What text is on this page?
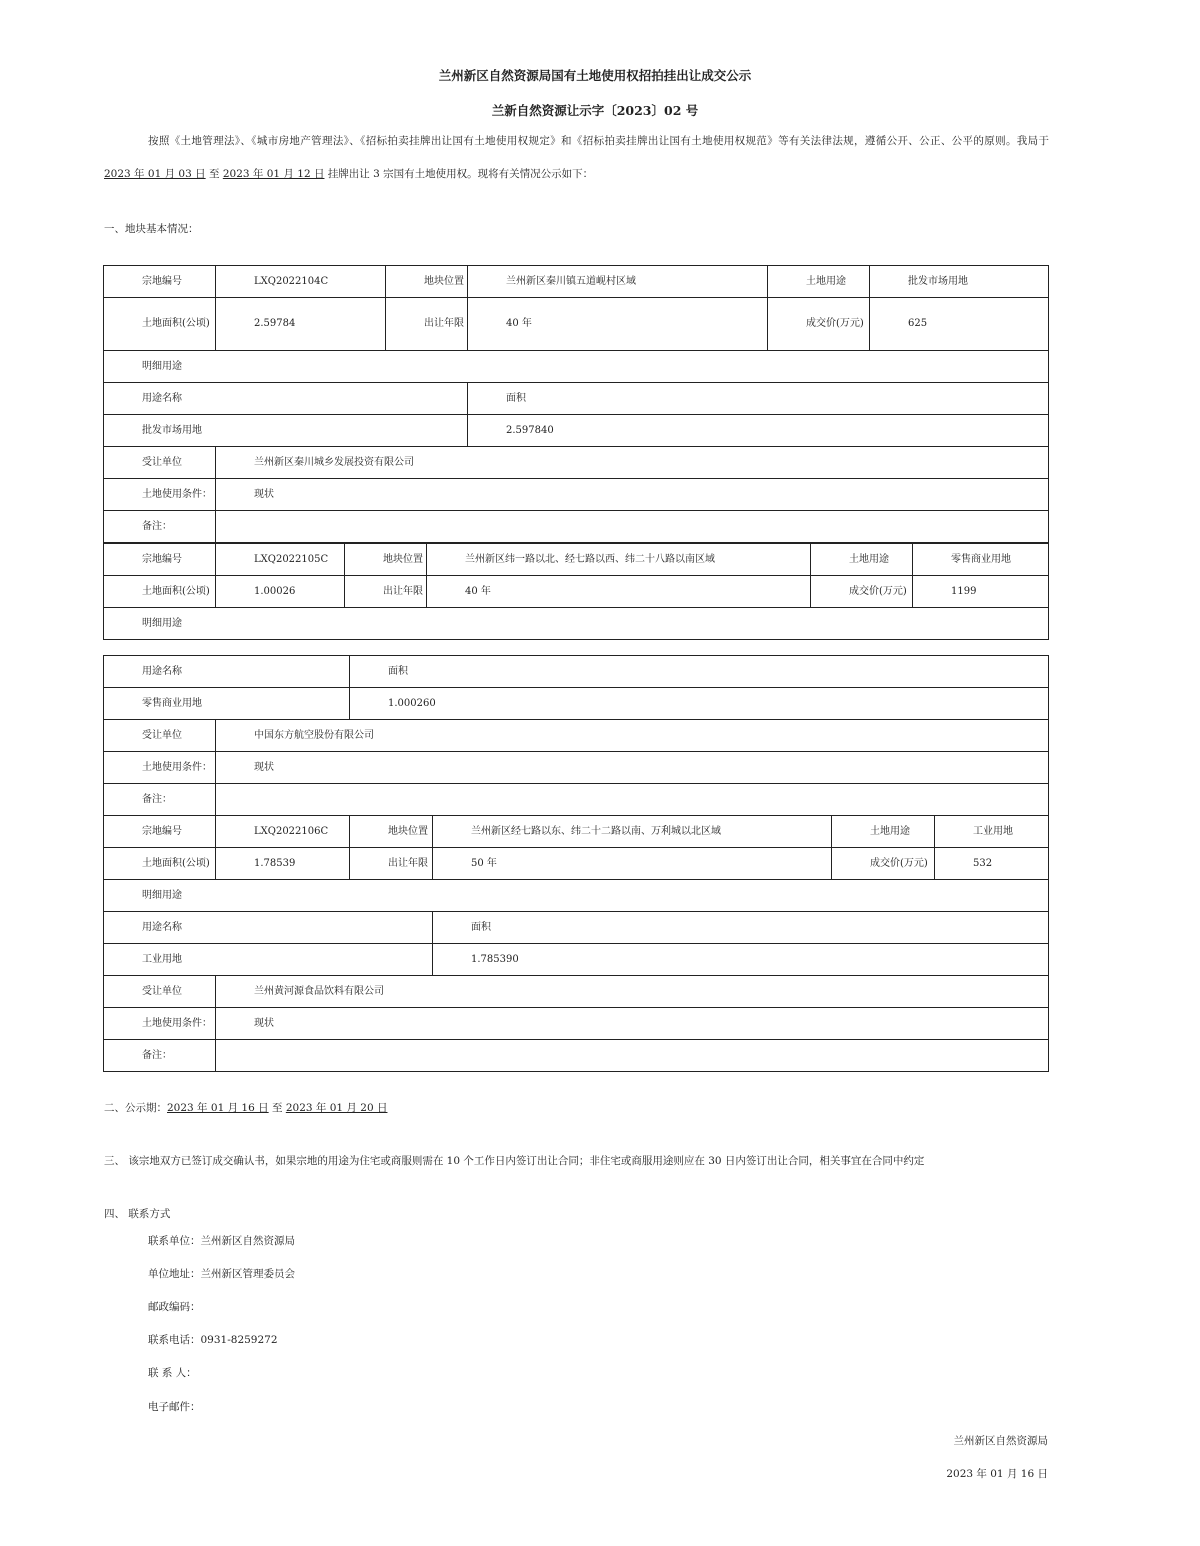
兰州新区自然资源局国有土地使用权招拍挂出让成交公示
兰新自然资源让示字〔2023〕02 号
按照《土地管理法》、《城市房地产管理法》、《招标拍卖挂牌出让国有土地使用权规定》和《招标拍卖挂牌出让国有土地使用权规范》等有关法律法规，遵循公开、公正、公平的原则。我局于 2023 年 01 月 03 日 至 2023 年 01 月 12 日 挂牌出让 3 宗国有土地使用权。现将有关情况公示如下：
一、地块基本情况：
宗地编号	LXQ2022104C	地块位置	兰州新区秦川镇五道岘村区域	土地用途	批发市场用地
土地面积(公顷)	2.59784	出让年限	40 年	成交价(万元)	625
明细用途					
用途名称			面积		
批发市场用地			2.597840		
受让单位	兰州新区秦川城乡发展投资有限公司				
土地使用条件：	现状				
备注：					
宗地编号	LXQ2022105C	地块位置	兰州新区纬一路以北、经七路以西、纬二十八路以南区域	土地用途	零售商业用地
土地面积(公顷)	1.00026	出让年限	40 年	成交价(万元)	1199
明细用途					
用途名称		面积			
零售商业用地		1.000260			
受让单位	中国东方航空股份有限公司				
土地使用条件：	现状				
备注：					
宗地编号	LXQ2022106C	地块位置	兰州新区经七路以东、纬二十二路以南、万利城以北区域	土地用途	工业用地
土地面积(公顷)	1.78539	出让年限	50 年	成交价(万元)	532
明细用途					
用途名称			面积		
工业用地			1.785390		
受让单位	兰州黄河源食品饮料有限公司				
土地使用条件：	现状				
备注：					
二、公示期：2023 年 01 月 16 日 至 2023 年 01 月 20 日
三、 该宗地双方已签订成交确认书，如果宗地的用途为住宅或商服则需在 10 个工作日内签订出让合同；非住宅或商服用途则应在 30 日内签订出让合同，相关事宜在合同中约定
四、 联系方式
联系单位：兰州新区自然资源局
单位地址：兰州新区管理委员会
邮政编码：
联系电话：0931-8259272
联 系 人：
电子邮件：
兰州新区自然资源局
2023 年 01 月 16 日
